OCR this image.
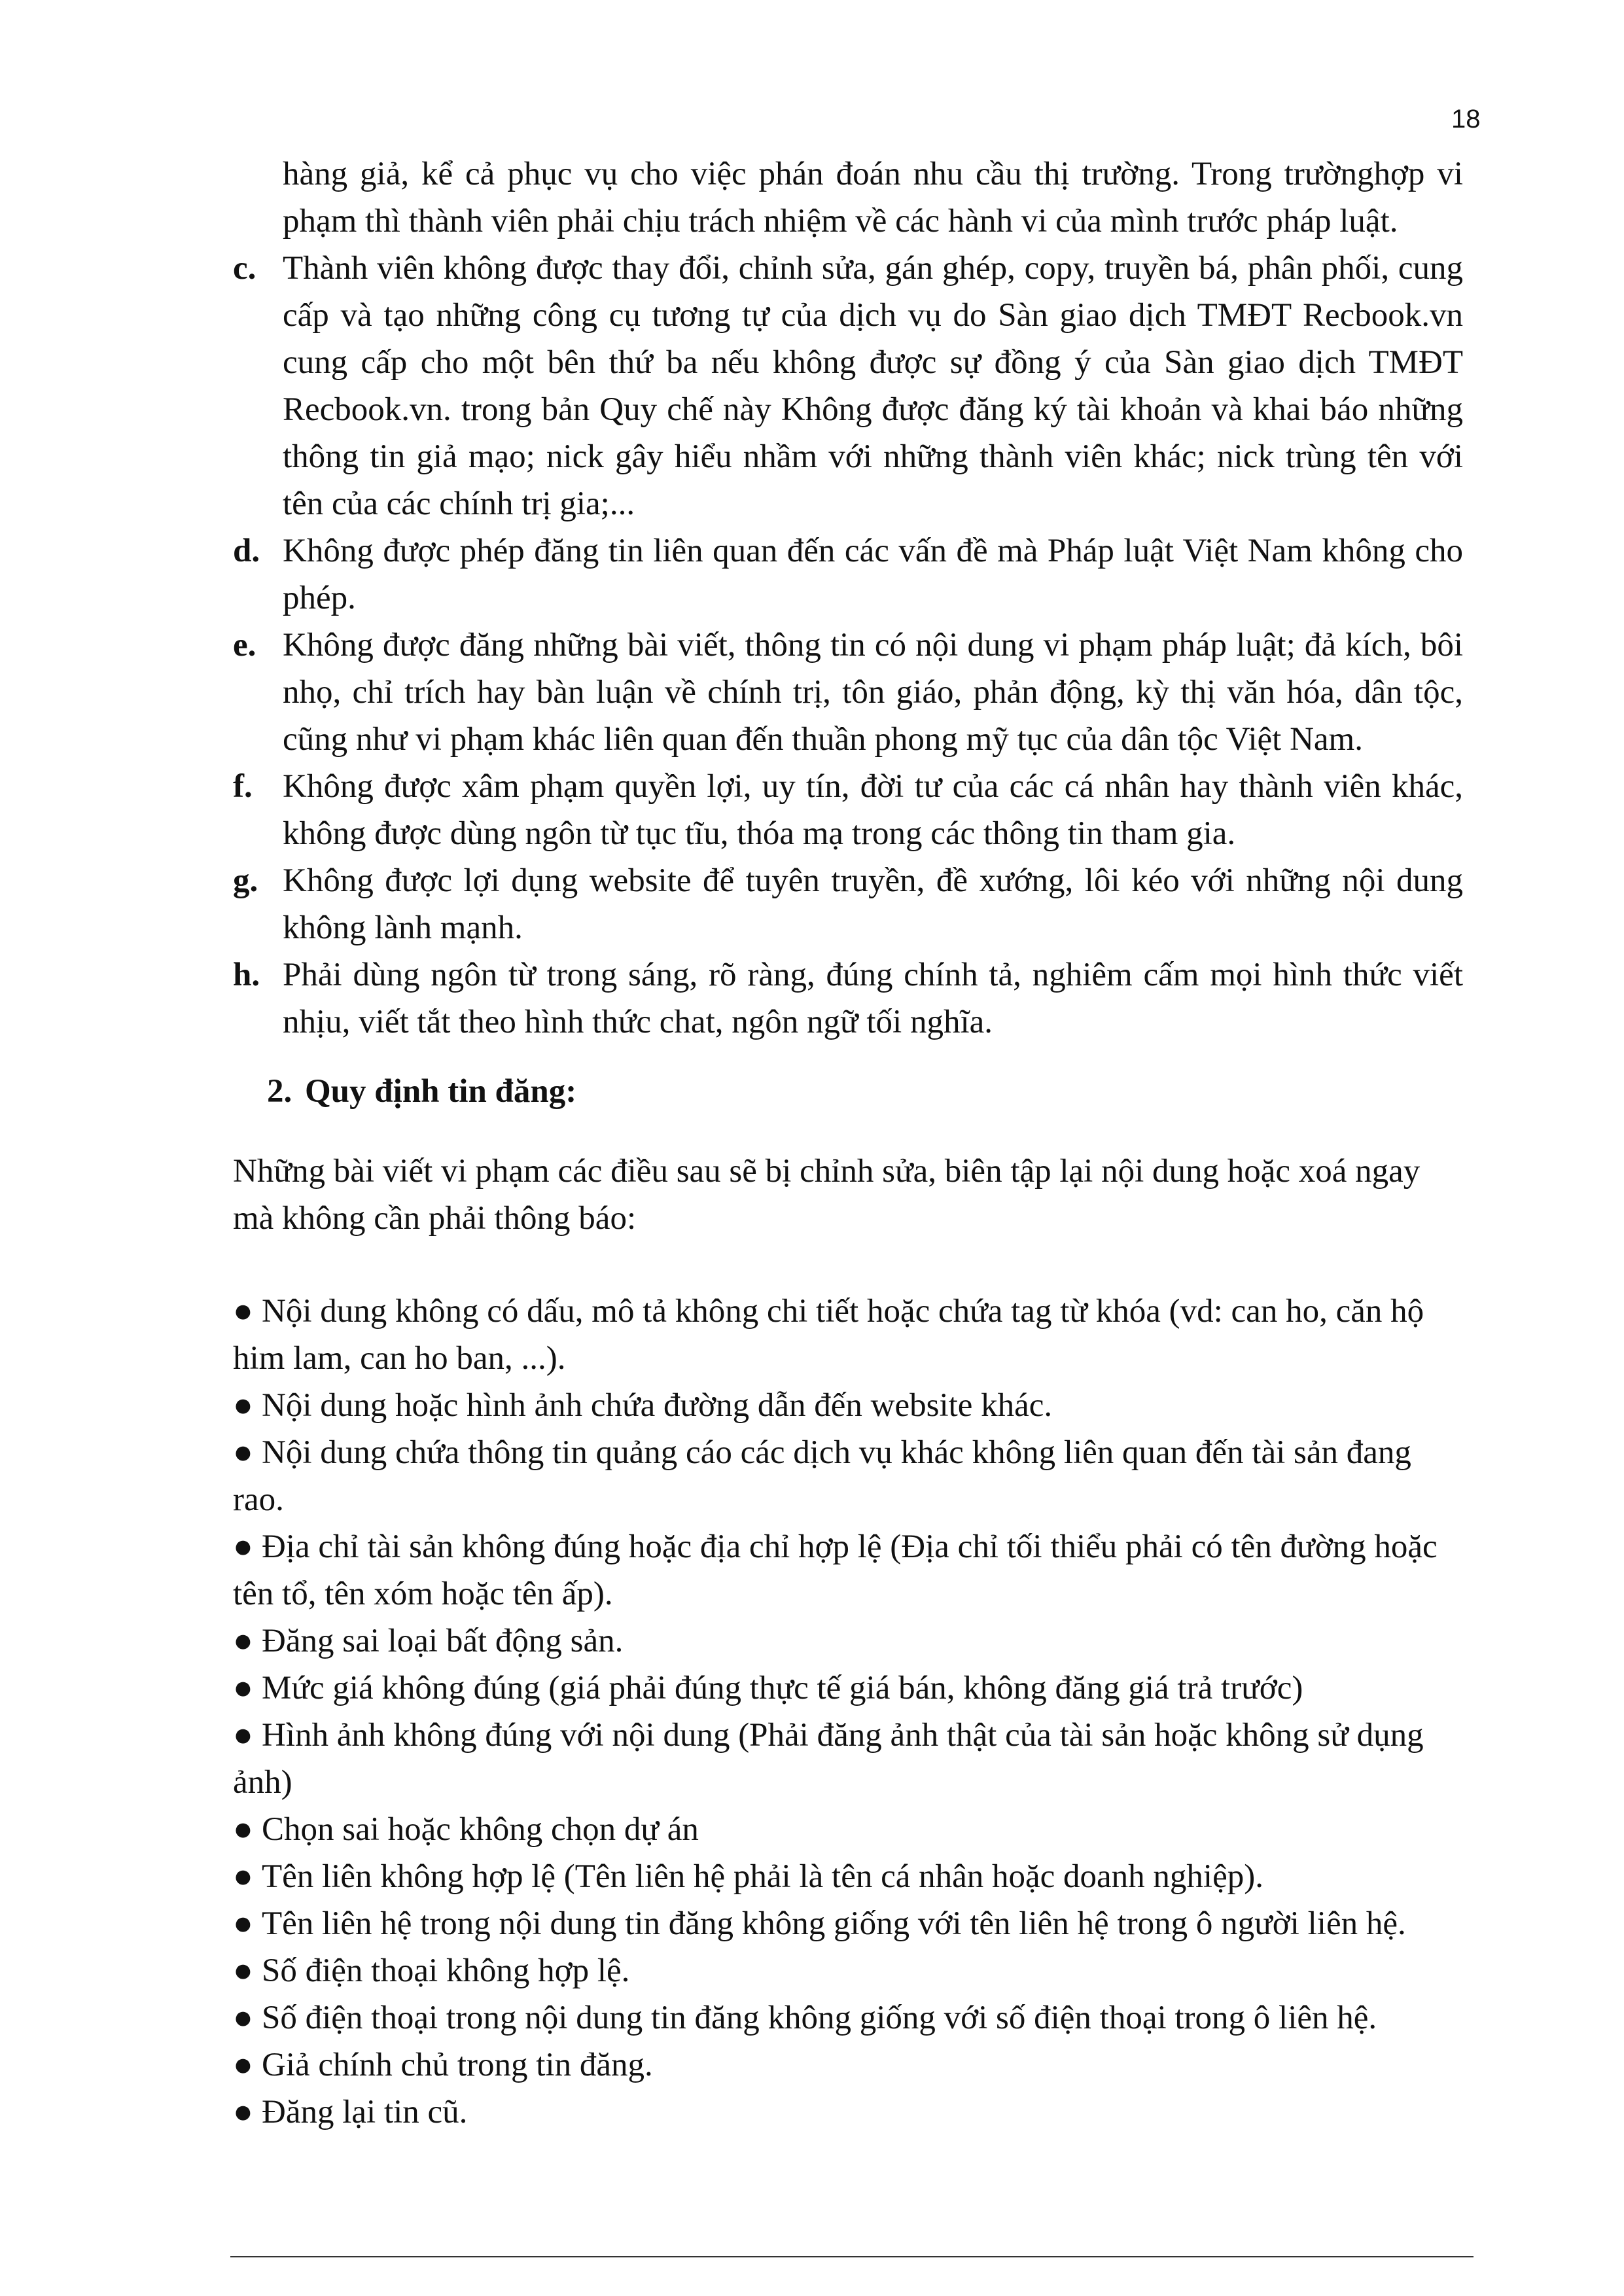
18
hàng giả, kể cả phục vụ cho việc phán đoán nhu cầu thị trường. Trong trườnghợp vi phạm thì thành viên phải chịu trách nhiệm về các hành vi của mình trước pháp luật.
c. Thành viên không được thay đổi, chỉnh sửa, gán ghép, copy, truyền bá, phân phối, cung cấp và tạo những công cụ tương tự của dịch vụ do Sàn giao dịch TMĐT Recbook.vn cung cấp cho một bên thứ ba nếu không được sự đồng ý của Sàn giao dịch TMĐT Recbook.vn. trong bản Quy chế này Không được đăng ký tài khoản và khai báo những thông tin giả mạo; nick gây hiểu nhầm với những thành viên khác; nick trùng tên với tên của các chính trị gia;...
d. Không được phép đăng tin liên quan đến các vấn đề mà Pháp luật Việt Nam không cho phép.
e. Không được đăng những bài viết, thông tin có nội dung vi phạm pháp luật; đả kích, bôi nhọ, chỉ trích hay bàn luận về chính trị, tôn giáo, phản động, kỳ thị văn hóa, dân tộc, cũng như vi phạm khác liên quan đến thuần phong mỹ tục của dân tộc Việt Nam.
f. Không được xâm phạm quyền lợi, uy tín, đời tư của các cá nhân hay thành viên khác, không được dùng ngôn từ tục tĩu, thóa mạ trong các thông tin tham gia.
g. Không được lợi dụng website để tuyên truyền, đề xướng, lôi kéo với những nội dung không lành mạnh.
h. Phải dùng ngôn từ trong sáng, rõ ràng, đúng chính tả, nghiêm cấm mọi hình thức viết nhịu, viết tắt theo hình thức chat, ngôn ngữ tối nghĩa.
2. Quy định tin đăng:
Những bài viết vi phạm các điều sau sẽ bị chỉnh sửa, biên tập lại nội dung hoặc xoá ngay mà không cần phải thông báo:
● Nội dung không có dấu, mô tả không chi tiết hoặc chứa tag từ khóa (vd: can ho, căn hộ him lam, can ho ban, ...).
● Nội dung hoặc hình ảnh chứa đường dẫn đến website khác.
● Nội dung chứa thông tin quảng cáo các dịch vụ khác không liên quan đến tài sản đang rao.
● Địa chỉ tài sản không đúng hoặc địa chỉ hợp lệ (Địa chỉ tối thiểu phải có tên đường hoặc tên tổ, tên xóm hoặc tên ấp).
● Đăng sai loại bất động sản.
● Mức giá không đúng (giá phải đúng thực tế giá bán, không đăng giá trả trước)
● Hình ảnh không đúng với nội dung (Phải đăng ảnh thật của tài sản hoặc không sử dụng ảnh)
● Chọn sai hoặc không chọn dự án
● Tên liên không hợp lệ (Tên liên hệ phải là tên cá nhân hoặc doanh nghiệp).
● Tên liên hệ trong nội dung tin đăng không giống với tên liên hệ trong ô người liên hệ.
● Số điện thoại không hợp lệ.
● Số điện thoại trong nội dung tin đăng không giống với số điện thoại trong ô liên hệ.
● Giả chính chủ trong tin đăng.
● Đăng lại tin cũ.
